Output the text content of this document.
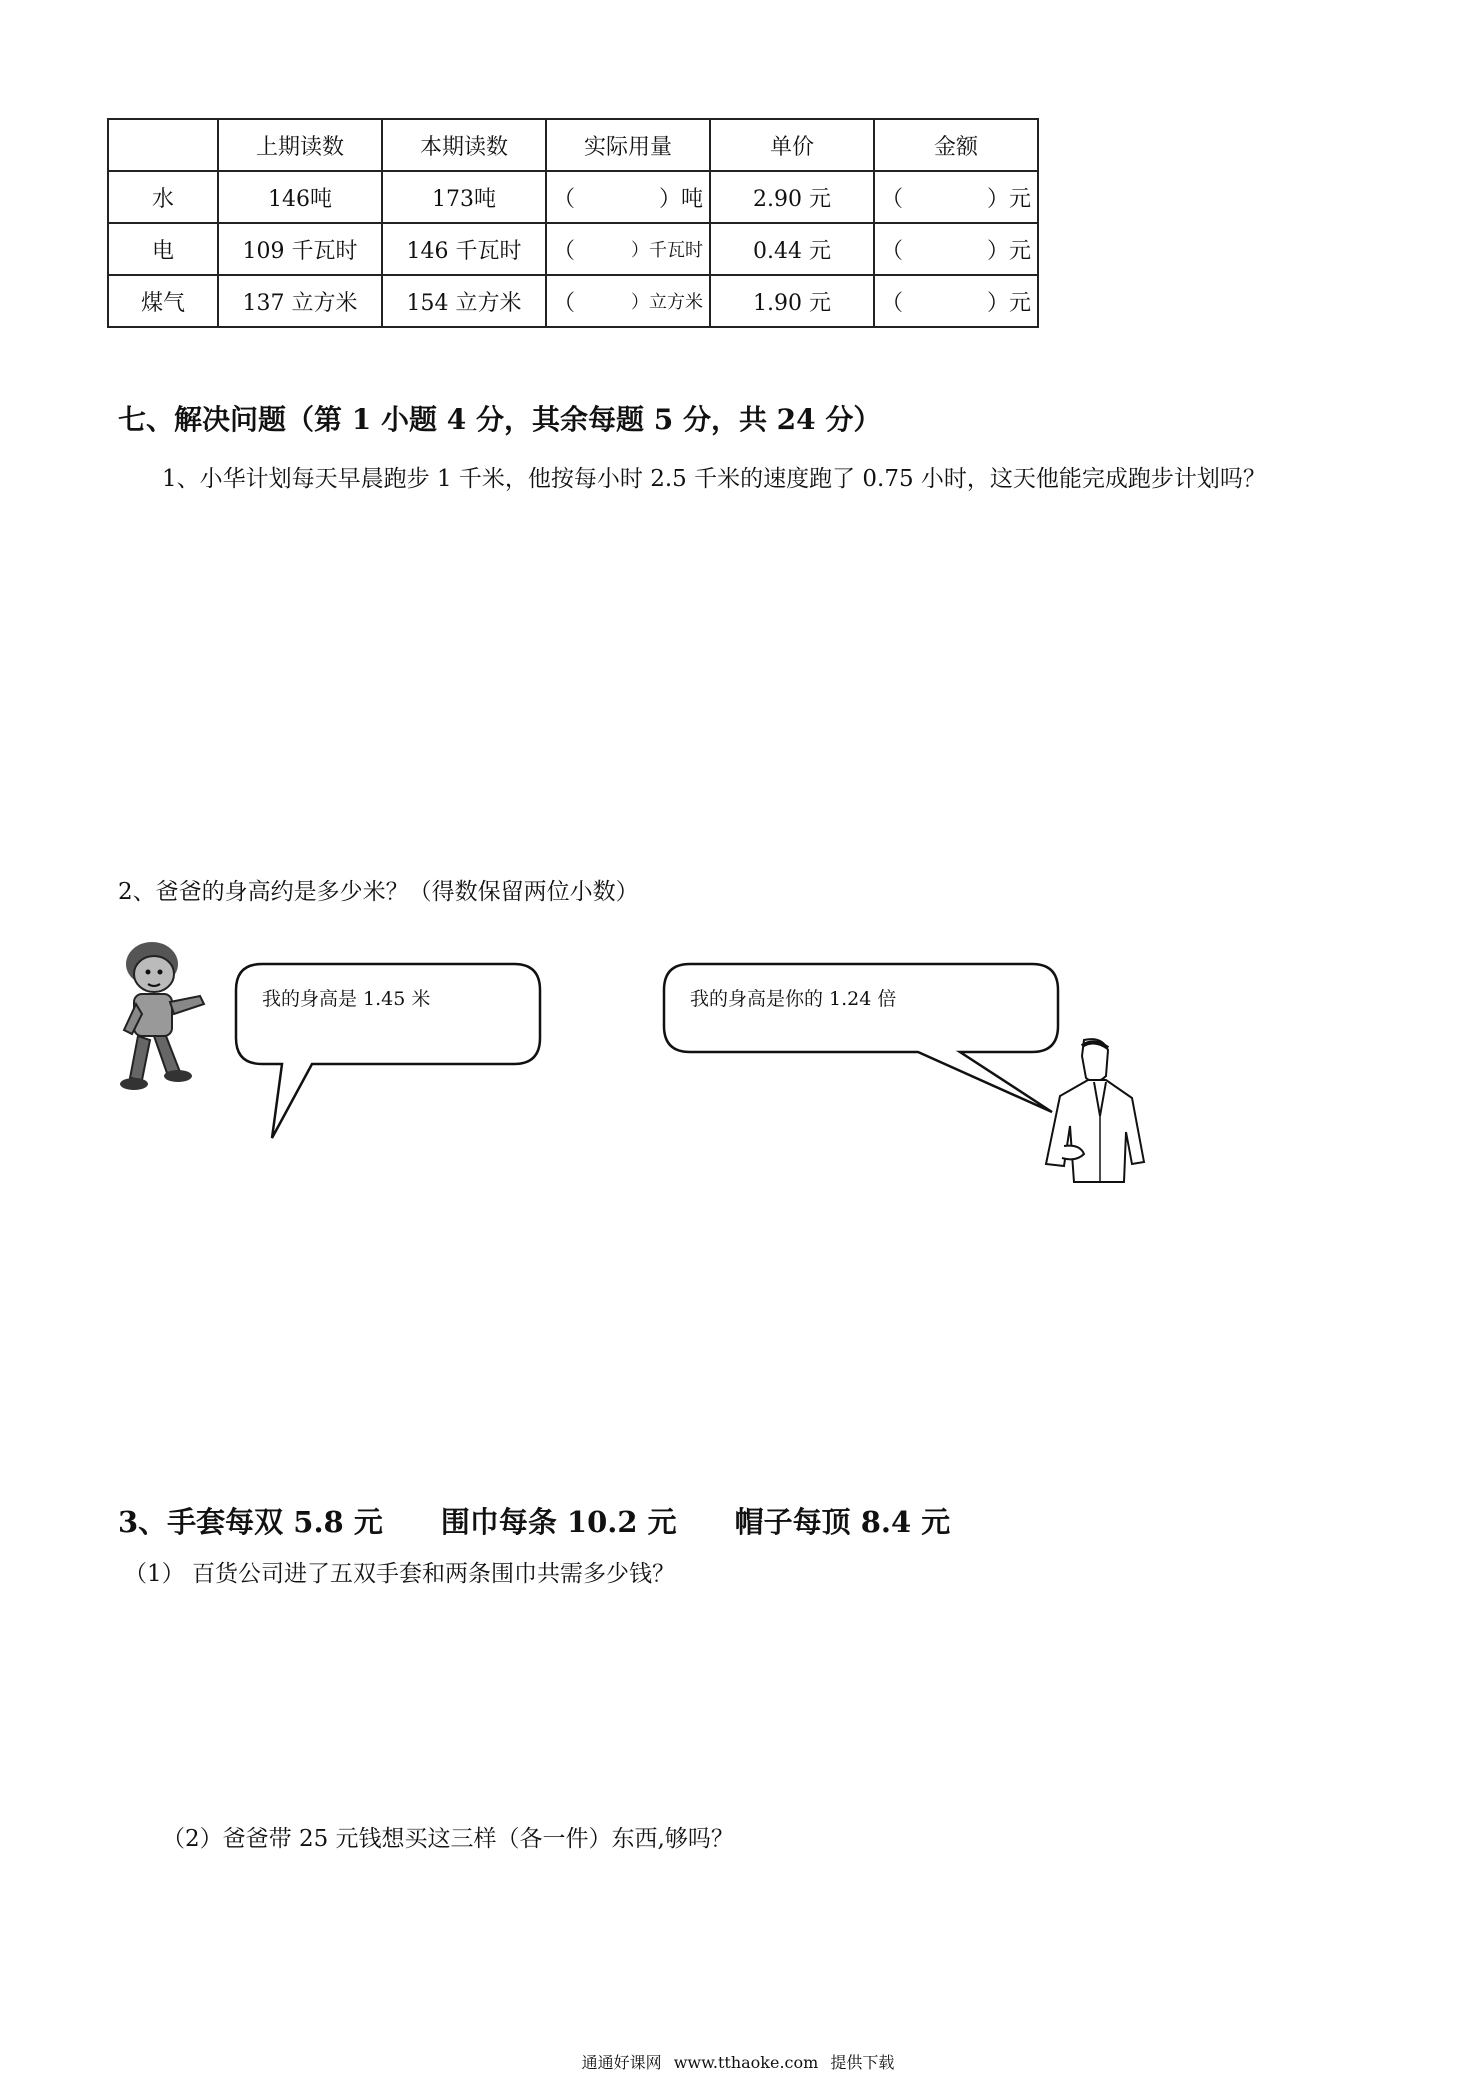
	上期读数	本期读数	实际用量	单价	金额
水	146吨	173吨	（ ）吨	2.90 元	（ ）元

电	109 千瓦时	146 千瓦时	（ ）千瓦时	0.44 元	（ ）元

煤气	137 立方米	154 立方米	（ ）立方米	1.90 元	（ ）元
七、解决问题（第 1 小题 4 分，其余每题 5 分，共 24 分）
1、小华计划每天早晨跑步 1 千米，他按每小时 2.5 千米的速度跑了 0.75 小时，这天他能完成跑步计划吗？
2、爸爸的身高约是多少米？（得数保留两位小数）
我的身高是 1.45 米	我的身高是你的 1.24 倍
3、手套每双 5.8 元 围巾每条 10.2 元 帽子每顶 8.4 元
（1） 百货公司进了五双手套和两条围巾共需多少钱？
（2）爸爸带 25 元钱想买这三样（各一件）东西,够吗？
通通好课网 www.tthaoke.com 提供下载
